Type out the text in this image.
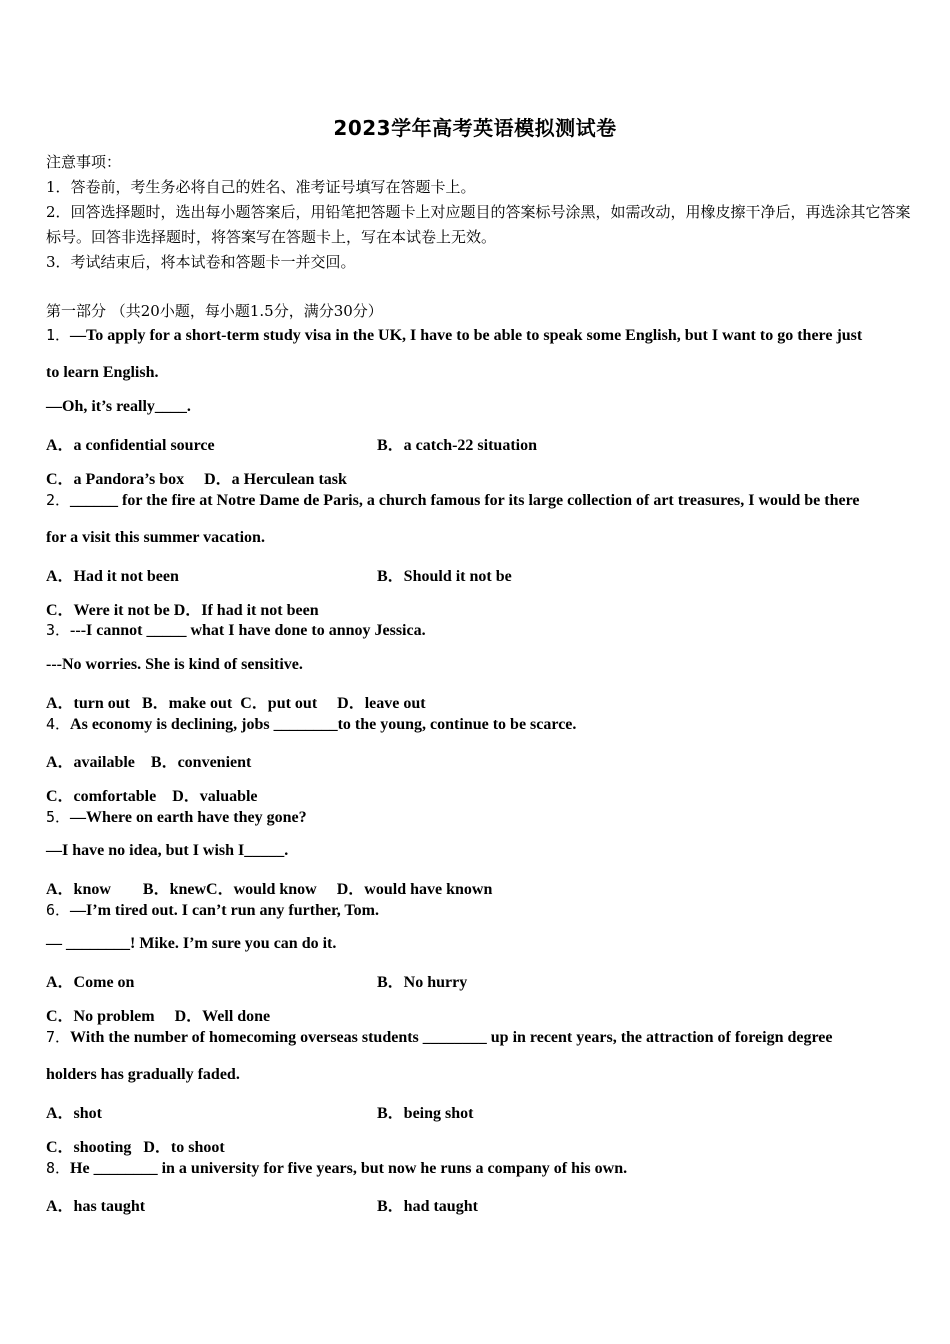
2023学年高考英语模拟测试卷
注意事项：
1．答卷前，考生务必将自己的姓名、准考证号填写在答题卡上。
2．回答选择题时，选出每小题答案后，用铅笔把答题卡上对应题目的答案标号涂黑，如需改动，用橡皮擦干净后，再选涂其它答案标号。回答非选择题时，将答案写在答题卡上，写在本试卷上无效。
3．考试结束后，将本试卷和答题卡一并交回。
第一部分 （共20小题，每小题1.5分，满分30分）
1．—To apply for a short-term study visa in the UK, I have to be able to speak some English, but I want to go there just
to learn English.
—Oh, it’s really____.
A．a confidential source	B．a catch-22 situation
C．a Pandora’s box     D．a Herculean task
2．______ for the fire at Notre Dame de Paris, a church famous for its large collection of art treasures, I would be there
for a visit this summer vacation.
A．Had it not been	B．Should it not be
C．Were it not be D．If had it not been
3．---I cannot _____ what I have done to annoy Jessica.
---No worries. She is kind of sensitive.
A．turn out   B．make out  C．put out     D．leave out
4．As economy is declining, jobs ________to the young, continue to be scarce.
A．available    B．convenient
C．comfortable    D．valuable
5．—Where on earth have they gone?
—I have no idea, but I wish I_____.
A．know        B．knewC．would know     D．would have known
6．—I’m tired out. I can’t run any further, Tom.
— ________! Mike. I’m sure you can do it.
A．Come on	B．No hurry
C．No problem     D．Well done
7．With the number of homecoming overseas students ________ up in recent years, the attraction of foreign degree
holders has gradually faded.
A．shot	B．being shot
C．shooting   D．to shoot
8．He ________ in a university for five years, but now he runs a company of his own.
A．has taught	B．had taught
